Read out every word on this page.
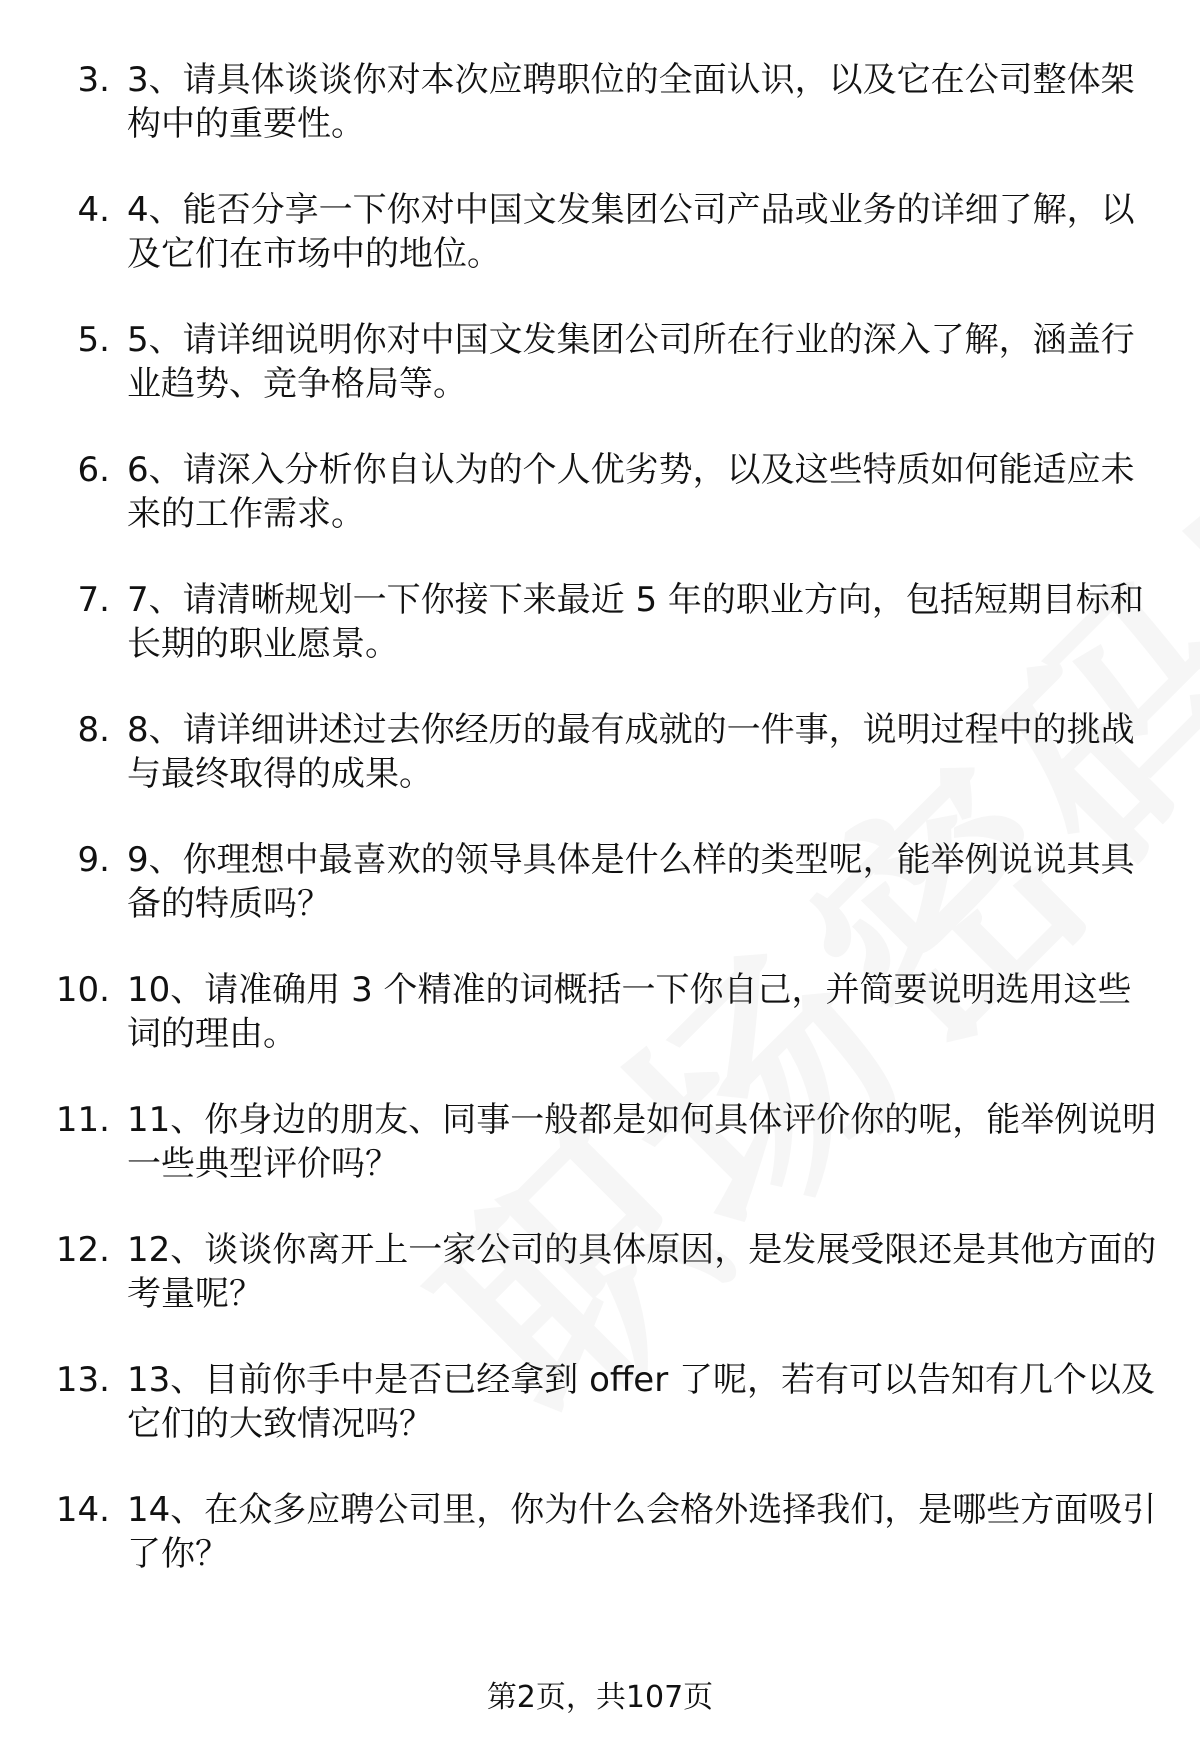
3. 3、请具体谈谈你对本次应聘职位的全面认识，以及它在公司整体架构中的重要性。
4. 4、能否分享一下你对中国文发集团公司产品或业务的详细了解，以及它们在市场中的地位。
5. 5、请详细说明你对中国文发集团公司所在行业的深入了解，涵盖行业趋势、竞争格局等。
6. 6、请深入分析你自认为的个人优劣势，以及这些特质如何能适应未来的工作需求。
7. 7、请清晰规划一下你接下来最近 5 年的职业方向，包括短期目标和长期的职业愿景。
8. 8、请详细讲述过去你经历的最有成就的一件事，说明过程中的挑战与最终取得的成果。
9. 9、你理想中最喜欢的领导具体是什么样的类型呢，能举例说说其具备的特质吗？
10. 10、请准确用 3 个精准的词概括一下你自己，并简要说明选用这些词的理由。
11. 11、你身边的朋友、同事一般都是如何具体评价你的呢，能举例说明一些典型评价吗？
12. 12、谈谈你离开上一家公司的具体原因，是发展受限还是其他方面的考量呢？
13. 13、目前你手中是否已经拿到 offer 了呢，若有可以告知有几个以及它们的大致情况吗？
14. 14、在众多应聘公司里，你为什么会格外选择我们，是哪些方面吸引了你？
第2页，共107页
